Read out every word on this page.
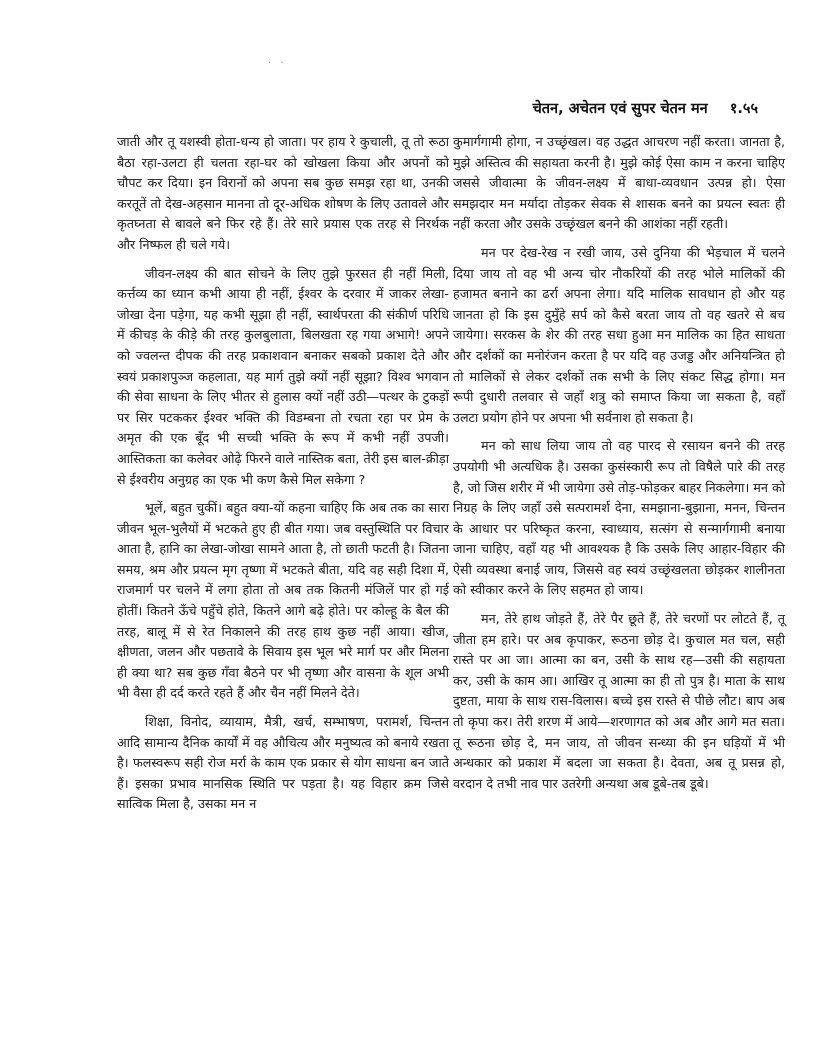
· ·
चेतन, अचेतन एवं सुपर चेतन मन १.५५

जाती और तू यशस्वी होता-धन्य हो जाता। पर हाय रे कुचाली, तू तो रूठा बैठा रहा-उलटा ही चलता रहा-घर को खोखला किया और अपनों को चौपट कर दिया। इन विरानों को अपना सब कुछ समझ रहा था, उनकी करतूतें तो देख-अहसान मानना तो दूर-अधिक शोषण के लिए उतावले और कृतघ्नता से बावले बने फिर रहे हैं। तेरे सारे प्रयास एक तरह से निरर्थक और निष्फल ही चले गये।

जीवन-लक्ष्य की बात सोचने के लिए तुझे फुरसत ही नहीं मिली, कर्त्तव्य का ध्यान कभी आया ही नहीं, ईश्वर के दरवार में जाकर लेखा-जोखा देना पड़ेगा, यह कभी सूझा ही नहीं, स्वार्थपरता की संकीर्ण परिधि में कीचड़ के कीड़े की तरह कुलबुलाता, बिलखता रह गया अभागे! अपने को ज्वलन्त दीपक की तरह प्रकाशवान बनाकर सबको प्रकाश देते और स्वयं प्रकाशपुञ्ज कहलाता, यह मार्ग तुझे क्यों नहीं सूझा? विश्व भगवान की सेवा साधना के लिए भीतर से हुलास क्यों नहीं उठी—पत्थर के टुकड़ों पर सिर पटककर ईश्वर भक्ति की विडम्बना तो रचता रहा पर प्रेम के अमृत की एक बूँद भी सच्ची भक्ति के रूप में कभी नहीं उपजी। आस्तिकता का कलेवर ओढ़े फिरने वाले नास्तिक बता, तेरी इस बाल-क्रीड़ा से ईश्वरीय अनुग्रह का एक भी कण कैसे मिल सकेगा ?

भूलें, बहुत चुकीं। बहुत क्या-यों कहना चाहिए कि अब तक का सारा जीवन भूल-भुलैयों में भटकते हुए ही बीत गया। जब वस्तुस्थिति पर विचार आता है, हानि का लेखा-जोखा सामने आता है, तो छाती फटती है। जितना समय, श्रम और प्रयत्न मृग तृष्णा में भटकते बीता, यदि वह सही दिशा में, राजमार्ग पर चलने में लगा होता तो अब तक कितनी मंजिलें पार हो गई होतीं। कितने ऊँचे पहुँचे होते, कितने आगे बढ़े होते। पर कोल्हू के बैल की तरह, बालू में से रेत निकालने की तरह हाथ कुछ नहीं आया। खीज, क्षीणता, जलन और पछतावे के सिवाय इस भूल भरे मार्ग पर और मिलना ही क्या था? सब कुछ गँवा बैठने पर भी तृष्णा और वासना के शूल अभी भी वैसा ही दर्द करते रहते हैं और चैन नहीं मिलने देते।

शिक्षा, विनोद, व्यायाम, मैत्री, खर्च, सम्भाषण, परामर्श, चिन्तन आदि सामान्य दैनिक कार्यों में वह औचित्य और मनुष्यत्व को बनाये रखता है। फलस्वरूप सही रोज मर्रा के काम एक प्रकार से योग साधना बन जाते हैं। इसका प्रभाव मानसिक स्थिति पर पड़ता है। यह विहार क्रम जिसे सात्विक मिला है, उसका मन न

कुमार्गगामी होगा, न उच्छृंखल। वह उद्धत आचरण नहीं करता। जानता है, मुझे अस्तित्व की सहायता करनी है। मुझे कोई ऐसा काम न करना चाहिए जससे जीवात्मा के जीवन-लक्ष्य में बाधा-व्यवधान उत्पन्न हो। ऐसा समझदार मन मर्यादा तोड़कर सेवक से शासक बनने का प्रयत्न स्वतः ही नहीं करता और उसके उच्छृंखल बनने की आशंका नहीं रहती।

मन पर देख-रेख न रखी जाय, उसे दुनिया की भेड़चाल में चलने दिया जाय तो वह भी अन्य चोर नौकरियों की तरह भोले मालिकों की हजामत बनाने का ढर्रा अपना लेगा। यदि मालिक सावधान हो और यह जानता हो कि इस दुमुँहे सर्प को कैसे बरता जाय तो वह खतरे से बच जायेगा। सरकस के शेर की तरह सधा हुआ मन मालिक का हित साधता और दर्शकों का मनोरंजन करता है पर यदि वह उजड्ड और अनियन्त्रित हो तो मालिकों से लेकर दर्शकों तक सभी के लिए संकट सिद्ध होगा। मन रूपी दुधारी तलवार से जहाँ शत्रु को समाप्त किया जा सकता है, वहाँ उलटा प्रयोग होने पर अपना भी सर्वनाश हो सकता है।

मन को साध लिया जाय तो वह पारद से रसायन बनने की तरह उपयोगी भी अत्यधिक है। उसका कुसंस्कारी रूप तो विषैले पारे की तरह है, जो जिस शरीर में भी जायेगा उसे तोड़-फोड़कर बाहर निकलेगा। मन को निग्रह के लिए जहाँ उसे सत्परामर्श देना, समझाना-बुझाना, मनन, चिन्तन के आधार पर परिष्कृत करना, स्वाध्याय, सत्संग से सन्मार्गगामी बनाया जाना चाहिए, वहाँ यह भी आवश्यक है कि उसके लिए आहार-विहार की ऐसी व्यवस्था बनाई जाय, जिससे वह स्वयं उच्छृंखलता छोड़कर शालीनता को स्वीकार करने के लिए सहमत हो जाय।

मन, तेरे हाथ जोड़ते हैं, तेरे पैर छूते हैं, तेरे चरणों पर लोटते हैं, तू जीता हम हारे। पर अब कृपाकर, रूठना छोड़ दे। कुचाल मत चल, सही रास्ते पर आ जा। आत्मा का बन, उसी के साथ रह—उसी की सहायता कर, उसी के काम आ। आखिर तू आत्मा का ही तो पुत्र है। माता के साथ दुष्टता, माया के साथ रास-विलास। बच्चे इस रास्ते से पीछे लौट। बाप अब तो कृपा कर। तेरी शरण में आये—शरणागत को अब और आगे मत सता। तू रूठना छोड़ दे, मन जाय, तो जीवन सन्ध्या की इन घड़ियों में भी अन्धकार को प्रकाश में बदला जा सकता है। देवता, अब तू प्रसन्न हो, वरदान दे तभी नाव पार उतरेगी अन्यथा अब डूबे-तब डूबे।
